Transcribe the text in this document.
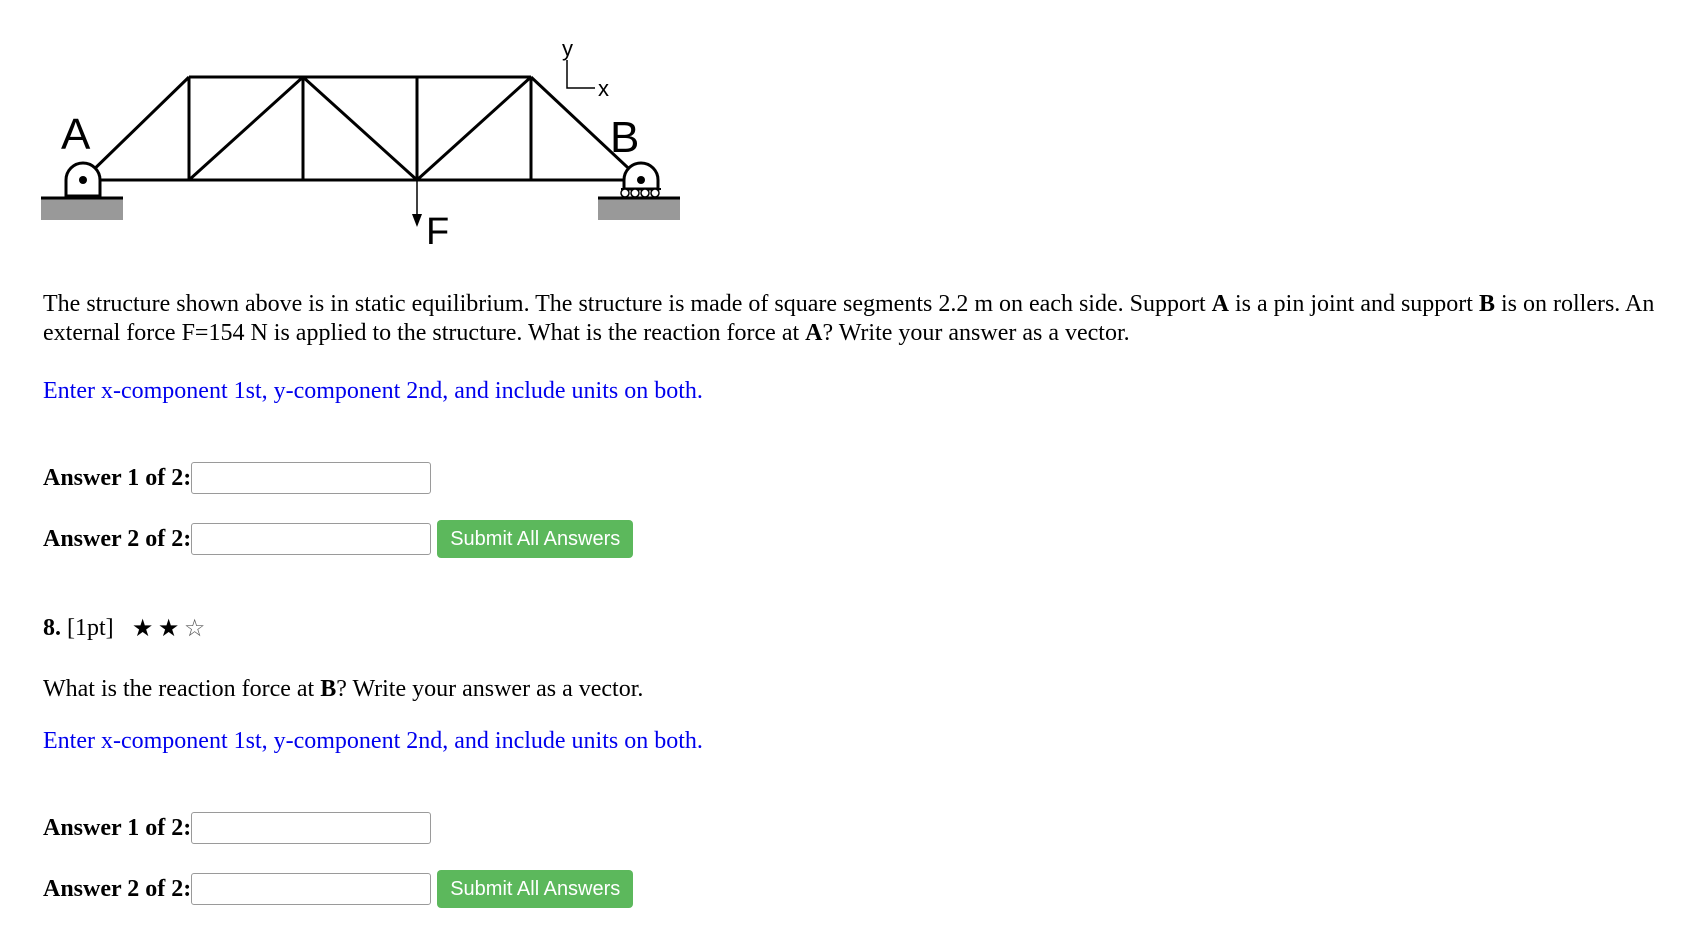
A	B
F
y
x
The structure shown above is in static equilibrium. The structure is made of square segments 2.2 m on each side. Support A is a pin joint and support B is on rollers. An external force F=154 N is applied to the structure. What is the reaction force at A? Write your answer as a vector.
Enter x-component 1st, y-component 2nd, and include units on both.
Answer 1 of 2:
Answer 2 of 2:	Submit All Answers
8. [1pt] ★ ★ ☆
What is the reaction force at B? Write your answer as a vector.
Enter x-component 1st, y-component 2nd, and include units on both.
Answer 1 of 2:
Answer 2 of 2:	Submit All Answers
